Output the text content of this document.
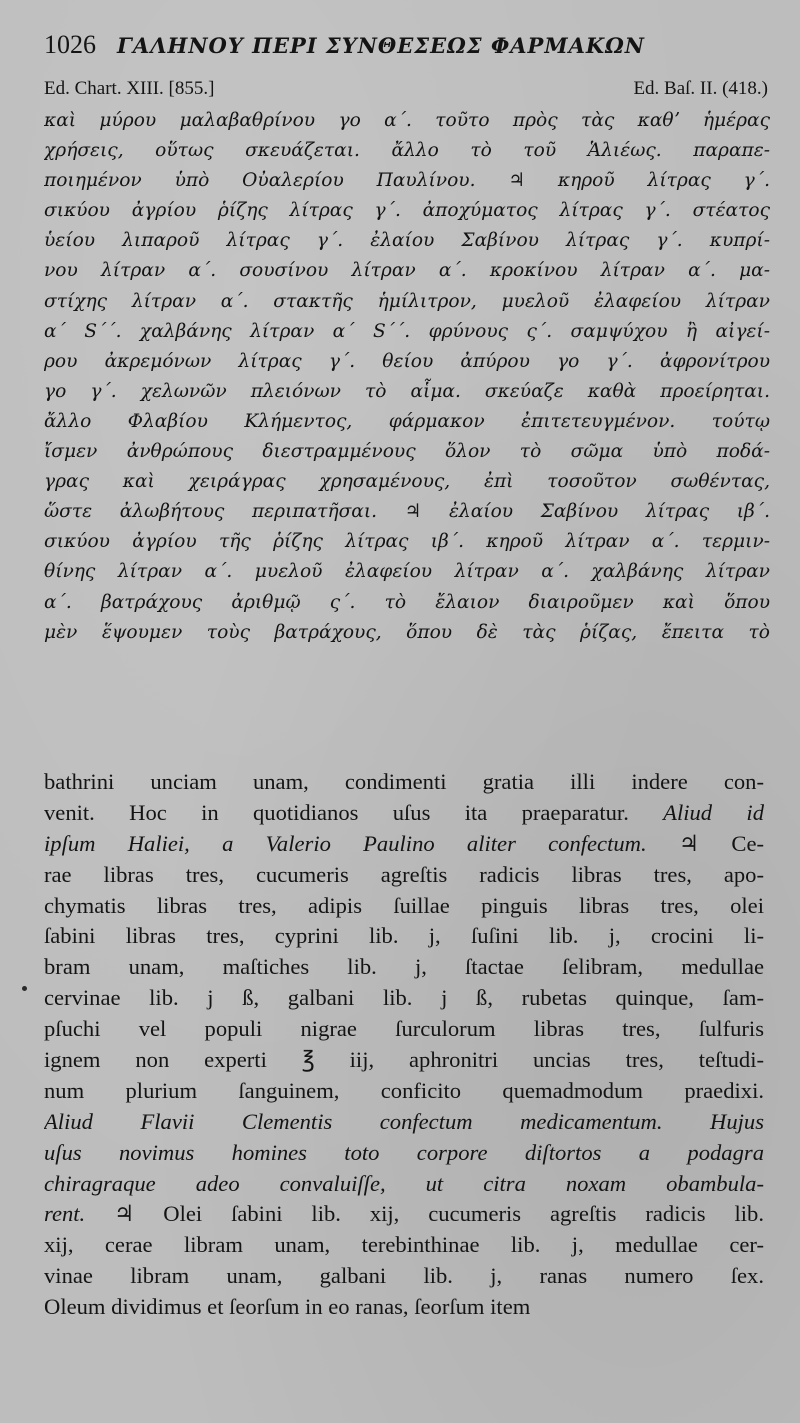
1026 ΓΑΛΗΝΟΥ ΠΕΡΙ ΣΥΝΘΕΣΕΩΣ ΦΑΡΜΑΚΩΝ
Ed. Chart. XIII. [855.]	Ed. Baſ. II. (418.)
καὶ μύρου μαλαβαθρίνου γο α΄. τοῦτο πρὸς τὰς καθʼ ἡμέρας
χρήσεις, οὕτως σκευάζεται. ἄλλο τὸ τοῦ Ἁλιέως. παραπε-
ποιημένον ὑπὸ Οὐαλερίου Παυλίνου. ♃ κηροῦ λίτρας γ΄.
σικύου ἀγρίου ῥίζης λίτρας γ΄. ἀποχύματος λίτρας γ΄. στέατος
ὑείου λιπαροῦ λίτρας γ΄. ἐλαίου Σαβίνου λίτρας γ΄. κυπρί-
νου λίτραν α΄. σουσίνου λίτραν α΄. κροκίνου λίτραν α΄. μα-
στίχης λίτραν α΄. στακτῆς ἡμίλιτρον, μυελοῦ ἐλαφείου λίτραν
α΄ S΄΄. χαλβάνης λίτραν α΄ S΄΄. φρύνους ς΄. σαμψύχου ἢ αἰγεί-
ρου ἀκρεμόνων λίτρας γ΄. θείου ἀπύρου γο γ΄. ἀφρονίτρου
γο γ΄. χελωνῶν πλειόνων τὸ αἷμα. σκεύαζε καθὰ προείρηται.
ἄλλο Φλαβίου Κλήμεντος, φάρμακον ἐπιτετευγμένον. τούτῳ
ἴσμεν ἀνθρώπους διεστραμμένους ὅλον τὸ σῶμα ὑπὸ ποδά-
γρας καὶ χειράγρας χρησαμένους, ἐπὶ τοσοῦτον σωθέντας,
ὥστε ἀλωβήτους περιπατῆσαι. ♃ ἐλαίου Σαβίνου λίτρας ιβ΄.
σικύου ἀγρίου τῆς ῥίζης λίτρας ιβ΄. κηροῦ λίτραν α΄. τερμιν-
θίνης λίτραν α΄. μυελοῦ ἐλαφείου λίτραν α΄. χαλβάνης λίτραν
α΄. βατράχους ἀριθμῷ ς΄. τὸ ἔλαιον διαιροῦμεν καὶ ὅπου
μὲν ἕψουμεν τοὺς βατράχους, ὅπου δὲ τὰς ῥίζας, ἔπειτα τὸ
bathrini unciam unam, condimenti gratia illi indere con-
venit. Hoc in quotidianos uſus ita praeparatur. Aliud id
ipſum Haliei, a Valerio Paulino aliter confectum. ♃ Ce-
rae libras tres, cucumeris agreſtis radicis libras tres, apo-
chymatis libras tres, adipis ſuillae pinguis libras tres, olei
ſabini libras tres, cyprini lib. j, ſuſini lib. j, crocini li-
bram unam, maſtiches lib. j, ſtactae ſelibram, medullae
cervinae lib. j ß, galbani lib. j ß, rubetas quinque, ſam-
pſuchi vel populi nigrae ſurculorum libras tres, ſulfuris
ignem non experti ℥ iij, aphronitri uncias tres, teſtudi-
num plurium ſanguinem, conficito quemadmodum praedixi.
Aliud Flavii Clementis confectum medicamentum. Hujus
uſus novimus homines toto corpore diſtortos a podagra
chiragraque adeo convaluiſſe, ut citra noxam obambula-
rent. ♃ Olei ſabini lib. xij, cucumeris agreſtis radicis lib.
xij, cerae libram unam, terebinthinae lib. j, medullae cer-
vinae libram unam, galbani lib. j, ranas numero ſex.
Oleum dividimus et ſeorſum in eo ranas, ſeorſum item
